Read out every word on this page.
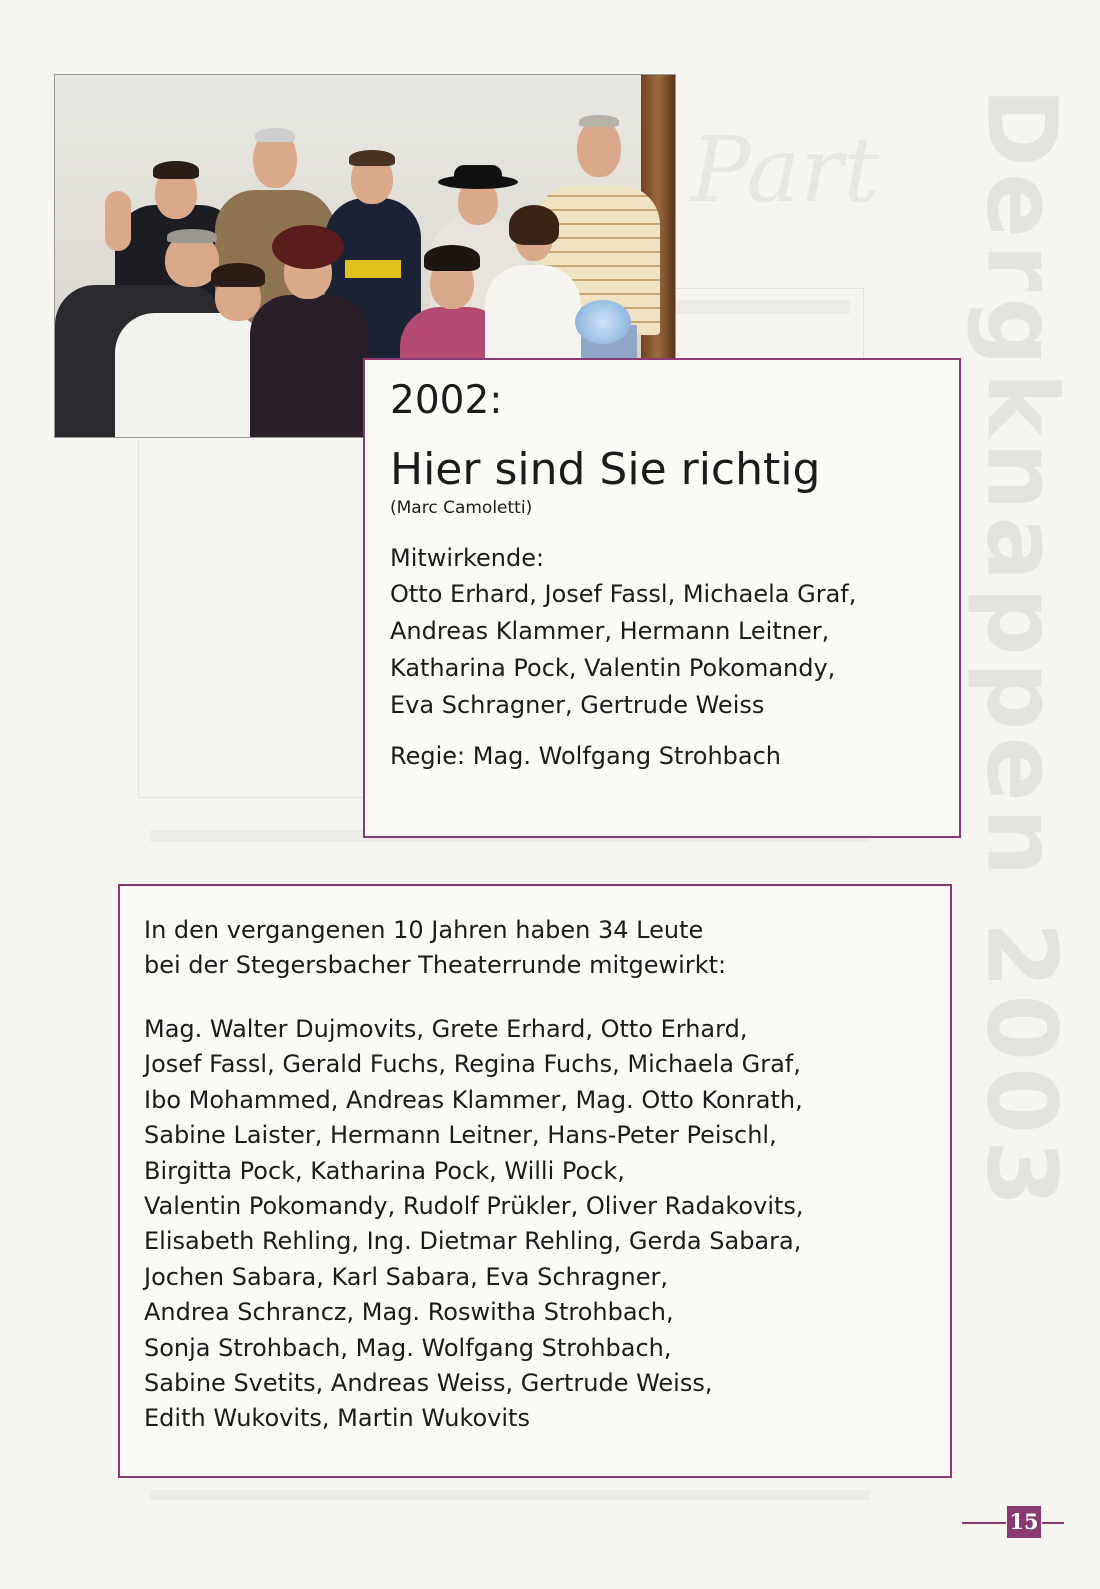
Part Dergknappen 2003
2002:
Hier sind Sie richtig
(Marc Camoletti)
Mitwirkende:
Otto Erhard, Josef Fassl, Michaela Graf,
Andreas Klammer, Hermann Leitner,
Katharina Pock, Valentin Pokomandy,
Eva Schragner, Gertrude Weiss
Regie: Mag. Wolfgang Strohbach
In den vergangenen 10 Jahren haben 34 Leute
bei der Stegersbacher Theaterrunde mitgewirkt:
Mag. Walter Dujmovits, Grete Erhard, Otto Erhard,
Josef Fassl, Gerald Fuchs, Regina Fuchs, Michaela Graf,
Ibo Mohammed, Andreas Klammer, Mag. Otto Konrath,
Sabine Laister, Hermann Leitner, Hans-Peter Peischl,
Birgitta Pock, Katharina Pock, Willi Pock,
Valentin Pokomandy, Rudolf Prükler, Oliver Radakovits,
Elisabeth Rehling, Ing. Dietmar Rehling, Gerda Sabara,
Jochen Sabara, Karl Sabara, Eva Schragner,
Andrea Schrancz, Mag. Roswitha Strohbach,
Sonja Strohbach, Mag. Wolfgang Strohbach,
Sabine Svetits, Andreas Weiss, Gertrude Weiss,
Edith Wukovits, Martin Wukovits
15
